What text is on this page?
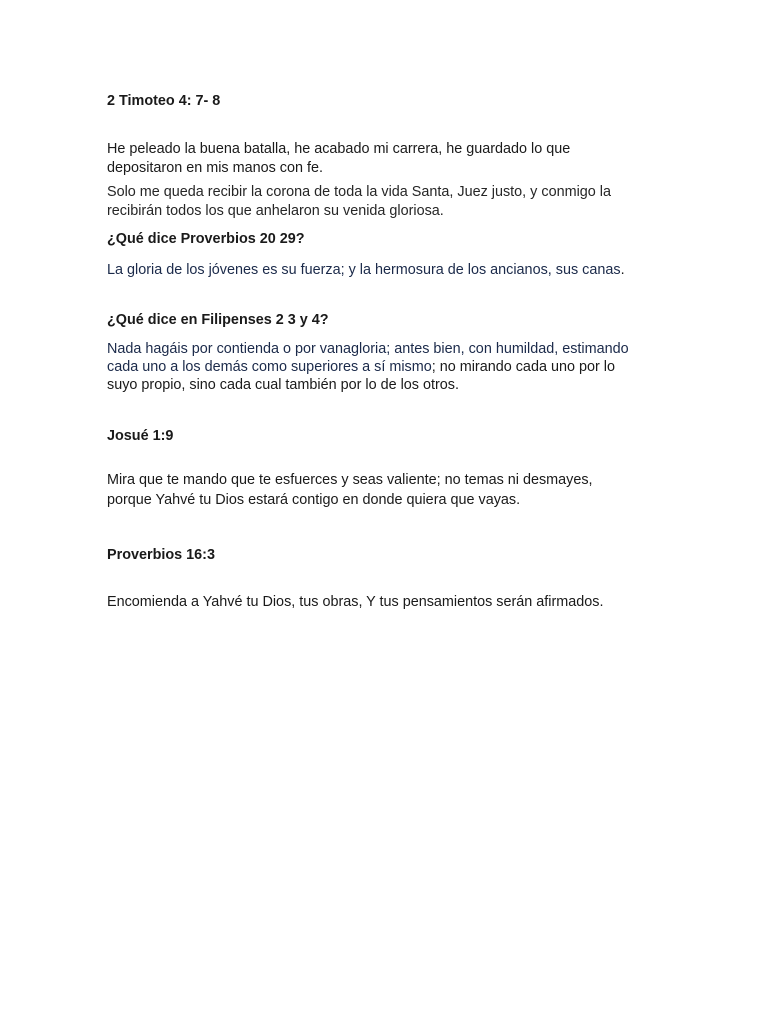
2 Timoteo 4: 7- 8

He peleado la buena batalla, he acabado mi carrera, he guardado lo que

depositaron en mis manos con fe.

Solo me queda recibir la corona de toda la vida Santa, Juez justo, y conmigo la

recibirán todos los que anhelaron su venida gloriosa.

¿Qué dice Proverbios 20 29?

La gloria de los jóvenes es su fuerza; y la hermosura de los ancianos, sus canas.

¿Qué dice en Filipenses 2 3 y 4?

Nada hagáis por contienda o por vanagloria; antes bien, con humildad, estimando

cada uno a los demás como superiores a sí mismo; no mirando cada uno por lo

suyo propio, sino cada cual también por lo de los otros.

Josué 1:9

Mira que te mando que te esfuerces y seas valiente; no temas ni desmayes,

porque Yahvé tu Dios estará contigo en donde quiera que vayas.

Proverbios 16:3

Encomienda a Yahvé tu Dios, tus obras, Y tus pensamientos serán afirmados.
